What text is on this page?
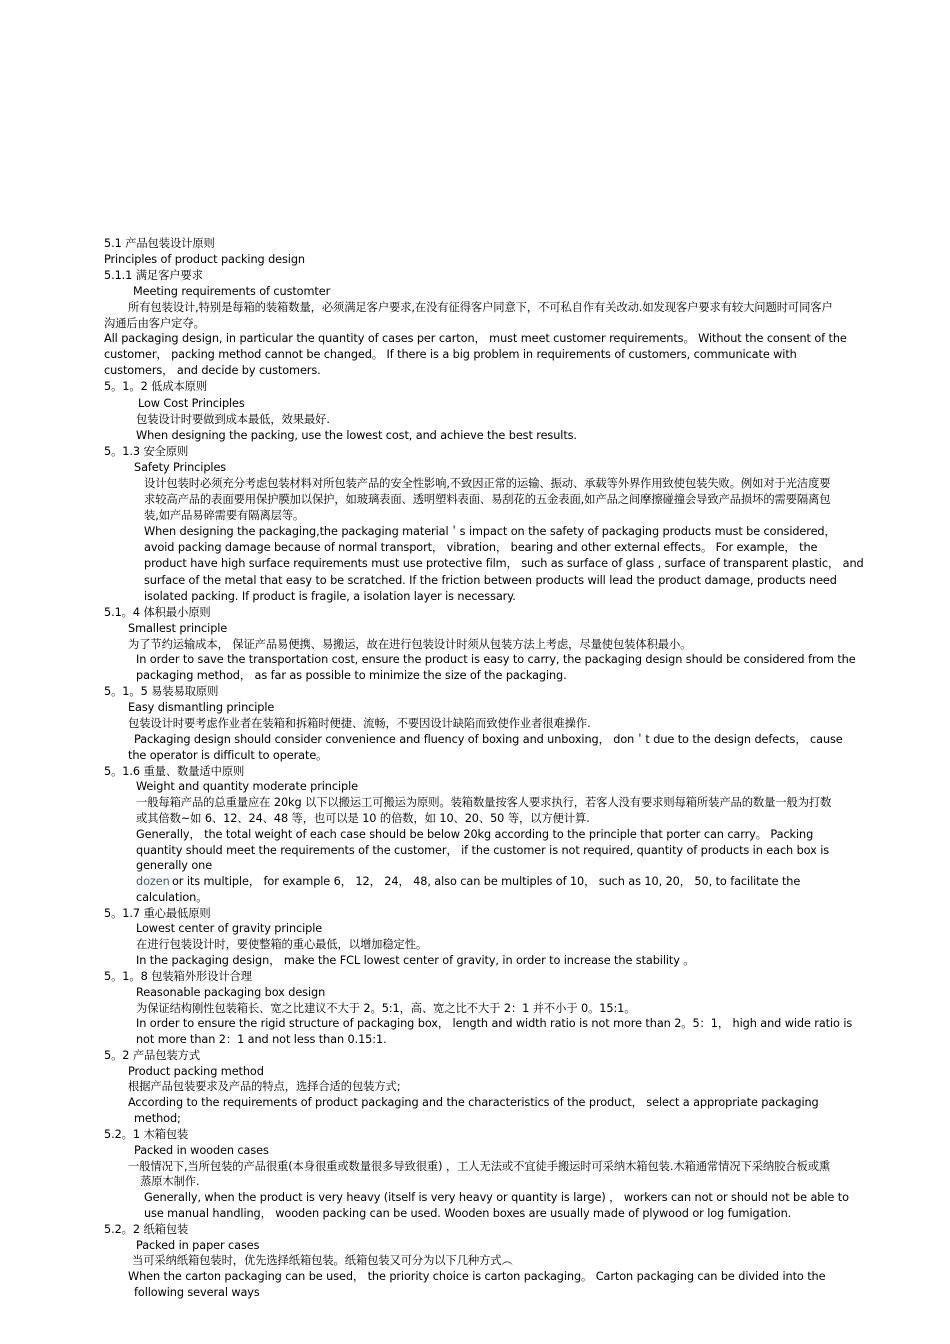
5.1 产品包装设计原则
Principles of product packing design
5.1.1 满足客户要求
Meeting requirements of customter
所有包装设计,特别是每箱的装箱数量，必须满足客户要求,在没有征得客户同意下，不可私自作有关改动.如发现客户要求有较大问题时可同客户
沟通后由客户定夺。
All packaging design, in particular the quantity of cases per carton， must meet customer requirements。 Without the consent of the
customer， packing method cannot be changed。 If there is a big problem in requirements of customers, communicate with
customers， and decide by customers.
5。1。2 低成本原则
Low Cost Principles
包装设计时要做到成本最低，效果最好.
When designing the packing, use the lowest cost, and achieve the best results.
5。1.3 安全原则
Safety Principles
设计包装时必须充分考虑包装材料对所包装产品的安全性影响,不致因正常的运输、振动、承载等外界作用致使包装失败。例如对于光洁度要
求较高产品的表面要用保护膜加以保护，如玻璃表面、透明塑料表面、易刮花的五金表面,如产品之间摩擦碰撞会导致产品损坏的需要隔离包
装,如产品易碎需要有隔离层等。
When designing the packaging,the packaging material＇s impact on the safety of packaging products must be considered，
avoid packing damage because of normal transport， vibration， bearing and other external effects。 For example， the
product have high surface requirements must use protective film， such as surface of glass , surface of transparent plastic， and
surface of the metal that easy to be scratched. If the friction between products will lead the product damage, products need
isolated packing. If product is fragile, a isolation layer is necessary.
5.1。4 体积最小原则
Smallest principle
为了节约运输成本， 保证产品易便携、易搬运，故在进行包装设计时须从包装方法上考虑，尽量使包装体积最小。
In order to save the transportation cost, ensure the product is easy to carry, the packaging design should be considered from the
packaging method， as far as possible to minimize the size of the packaging.
5。1。5 易装易取原则
Easy dismantling principle
包装设计时要考虑作业者在装箱和拆箱时便捷、流畅，不要因设计缺陷而致使作业者很难操作.
Packaging design should consider convenience and fluency of boxing and unboxing， don＇t due to the design defects， cause
the operator is difficult to operate。
5。1.6 重量、数量适中原则
Weight and quantity moderate principle
一般每箱产品的总重量应在 20kg 以下以搬运工可搬运为原则。装箱数量按客人要求执行，若客人没有要求则每箱所装产品的数量一般为打数
或其倍数~如 6、12、24、48 等，也可以是 10 的倍数，如 10、20、50 等，以方便计算.
Generally， the total weight of each case should be below 20kg according to the principle that porter can carry。 Packing
quantity should meet the requirements of the customer， if the customer is not required, quantity of products in each box is
generally one
dozen or its multiple， for example 6， 12， 24， 48, also can be multiples of 10， such as 10, 20， 50, to facilitate the
calculation。
5。1.7 重心最低原则
Lowest center of gravity principle
在进行包装设计时，要使整箱的重心最低，以增加稳定性。
In the packaging design， make the FCL lowest center of gravity, in order to increase the stability 。
5。1。8 包装箱外形设计合理
Reasonable packaging box design
为保证结构刚性包装箱长、宽之比建议不大于 2。5:1，高、宽之比不大于 2：1 并不小于 0。15:1。
In order to ensure the rigid structure of packaging box， length and width ratio is not more than 2。5：1， high and wide ratio is
not more than 2：1 and not less than 0.15:1.
5。2 产品包装方式
Product packing method
根据产品包装要求及产品的特点，选择合适的包装方式;
According to the requirements of product packaging and the characteristics of the product， select a appropriate packaging
method;
5.2。1 木箱包装
Packed in wooden cases
一般情况下,当所包装的产品很重(本身很重或数量很多导致很重) ，工人无法或不宜徒手搬运时可采纳木箱包装.木箱通常情况下采纳胶合板或熏
蒸原木制作.
Generally, when the product is very heavy (itself is very heavy or quantity is large) ， workers can not or should not be able to
use manual handling， wooden packing can be used. Wooden boxes are usually made of plywood or log fumigation.
5.2。2 纸箱包装
Packed in paper cases
当可采纳纸箱包装时，优先选择纸箱包装。纸箱包装又可分为以下几种方式︵
When the carton packaging can be used， the priority choice is carton packaging。 Carton packaging can be divided into the
following several ways
